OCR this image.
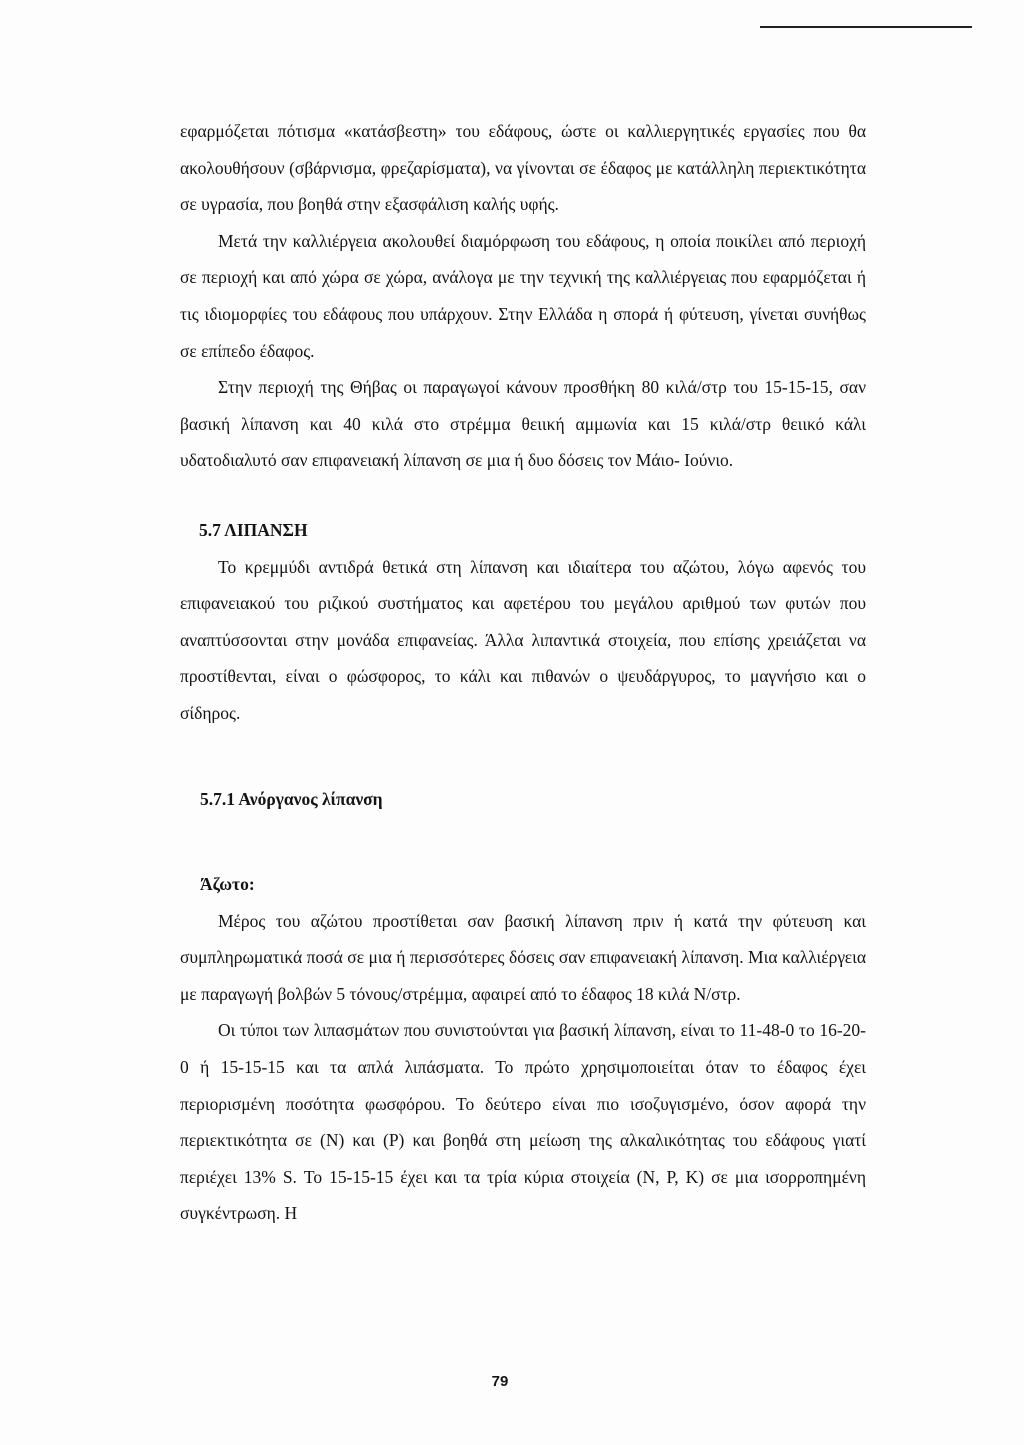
εφαρμόζεται πότισμα «κατάσβεστη» του εδάφους, ώστε οι καλλιεργητικές εργασίες που θα ακολουθήσουν (σβάρνισμα, φρεζαρίσματα), να γίνονται σε έδαφος με κατάλληλη περιεκτικότητα σε υγρασία, που βοηθά στην εξασφάλιση καλής υφής.

Μετά την καλλιέργεια ακολουθεί διαμόρφωση του εδάφους, η οποία ποικίλει από περιοχή σε περιοχή και από χώρα σε χώρα, ανάλογα με την τεχνική της καλλιέργειας που εφαρμόζεται ή τις ιδιομορφίες του εδάφους που υπάρχουν. Στην Ελλάδα η σπορά ή φύτευση, γίνεται συνήθως σε επίπεδο έδαφος.

Στην περιοχή της Θήβας οι παραγωγοί κάνουν προσθήκη 80 κιλά/στρ του 15-15-15, σαν βασική λίπανση και 40 κιλά στο στρέμμα θειική αμμωνία και 15 κιλά/στρ θειικό κάλι υδατοδιαλυτό σαν επιφανειακή λίπανση σε μια ή δυο δόσεις τον Μάιο- Ιούνιο.

5.7 ΛΙΠΑΝΣΗ

Το κρεμμύδι αντιδρά θετικά στη λίπανση και ιδιαίτερα του αζώτου, λόγω αφενός του επιφανειακού του ριζικού συστήματος και αφετέρου του μεγάλου αριθμού των φυτών που αναπτύσσονται στην μονάδα επιφανείας. Άλλα λιπαντικά στοιχεία, που επίσης χρειάζεται να προστίθενται, είναι ο φώσφορος, το κάλι και πιθανών ο ψευδάργυρος, το μαγνήσιο και ο σίδηρος.

5.7.1 Ανόργανος λίπανση

Άζωτο:

Μέρος του αζώτου προστίθεται σαν βασική λίπανση πριν ή κατά την φύτευση και συμπληρωματικά ποσά σε μια ή περισσότερες δόσεις σαν επιφανειακή λίπανση. Μια καλλιέργεια με παραγωγή βολβών 5 τόνους/στρέμμα, αφαιρεί από το έδαφος 18 κιλά Ν/στρ.

Οι τύποι των λιπασμάτων που συνιστούνται για βασική λίπανση, είναι το 11-48-0 το 16-20-0 ή 15-15-15 και τα απλά λιπάσματα. Το πρώτο χρησιμοποιείται όταν το έδαφος έχει περιορισμένη ποσότητα φωσφόρου. Το δεύτερο είναι πιο ισοζυγισμένο, όσον αφορά την περιεκτικότητα σε (Ν) και (Ρ) και βοηθά στη μείωση της αλκαλικότητας του εδάφους γιατί περιέχει 13% S. Το 15-15-15 έχει και τα τρία κύρια στοιχεία (Ν, Ρ, Κ) σε μια ισορροπημένη συγκέντρωση. Η

79
